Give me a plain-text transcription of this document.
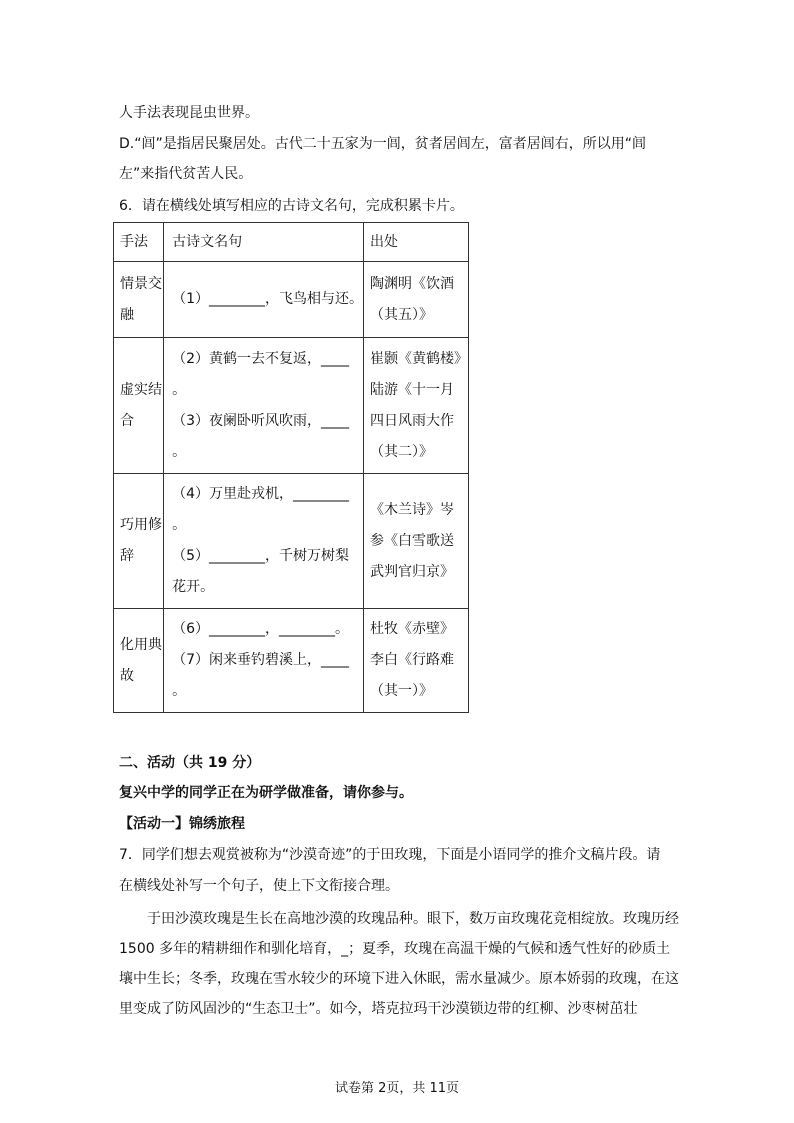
人手法表现昆虫世界。
D.“闾”是指居民聚居处。古代二十五家为一闾，贫者居闾左，富者居闾右，所以用“闾
左”来指代贫苦人民。
6．请在横线处填写相应的古诗文名句，完成积累卡片。
手法	古诗文名句	出处

情景交
融	（1）________，飞鸟相与还。	陶渊明《饮酒
（其五）》

虚实结
合	（2）黄鹤一去不复返，____
。
（3）夜阑卧听风吹雨，____
。	崔颢《黄鹤楼》
陆游《十一月
四日风雨大作
（其二）》

巧用修
辞	（4）万里赴戎机，________
。
（5）________，千树万树梨
花开。	《木兰诗》岑
参《白雪歌送
武判官归京》

化用典
故	（6）________，________。
（7）闲来垂钓碧溪上，____
。	杜牧《赤壁》
李白《行路难
（其一）》
二、活动（共 19 分）
复兴中学的同学正在为研学做准备，请你参与。
【活动一】锦绣旅程
7．同学们想去观赏被称为“沙漠奇迹”的于田玫瑰，下面是小语同学的推介文稿片段。请
在横线处补写一个句子，使上下文衔接合理。
于田沙漠玫瑰是生长在高地沙漠的玫瑰品种。眼下，数万亩玫瑰花竞相绽放。玫瑰历经 1500 多年的精耕细作和驯化培育，_；夏季，玫瑰在高温干燥的气候和透气性好的砂质土壤中生长；冬季，玫瑰在雪水较少的环境下进入休眠，需水量减少。原本娇弱的玫瑰，在这里变成了防风固沙的“生态卫士”。如今，塔克拉玛干沙漠锁边带的红柳、沙枣树茁壮
试卷第 2页，共 11页
